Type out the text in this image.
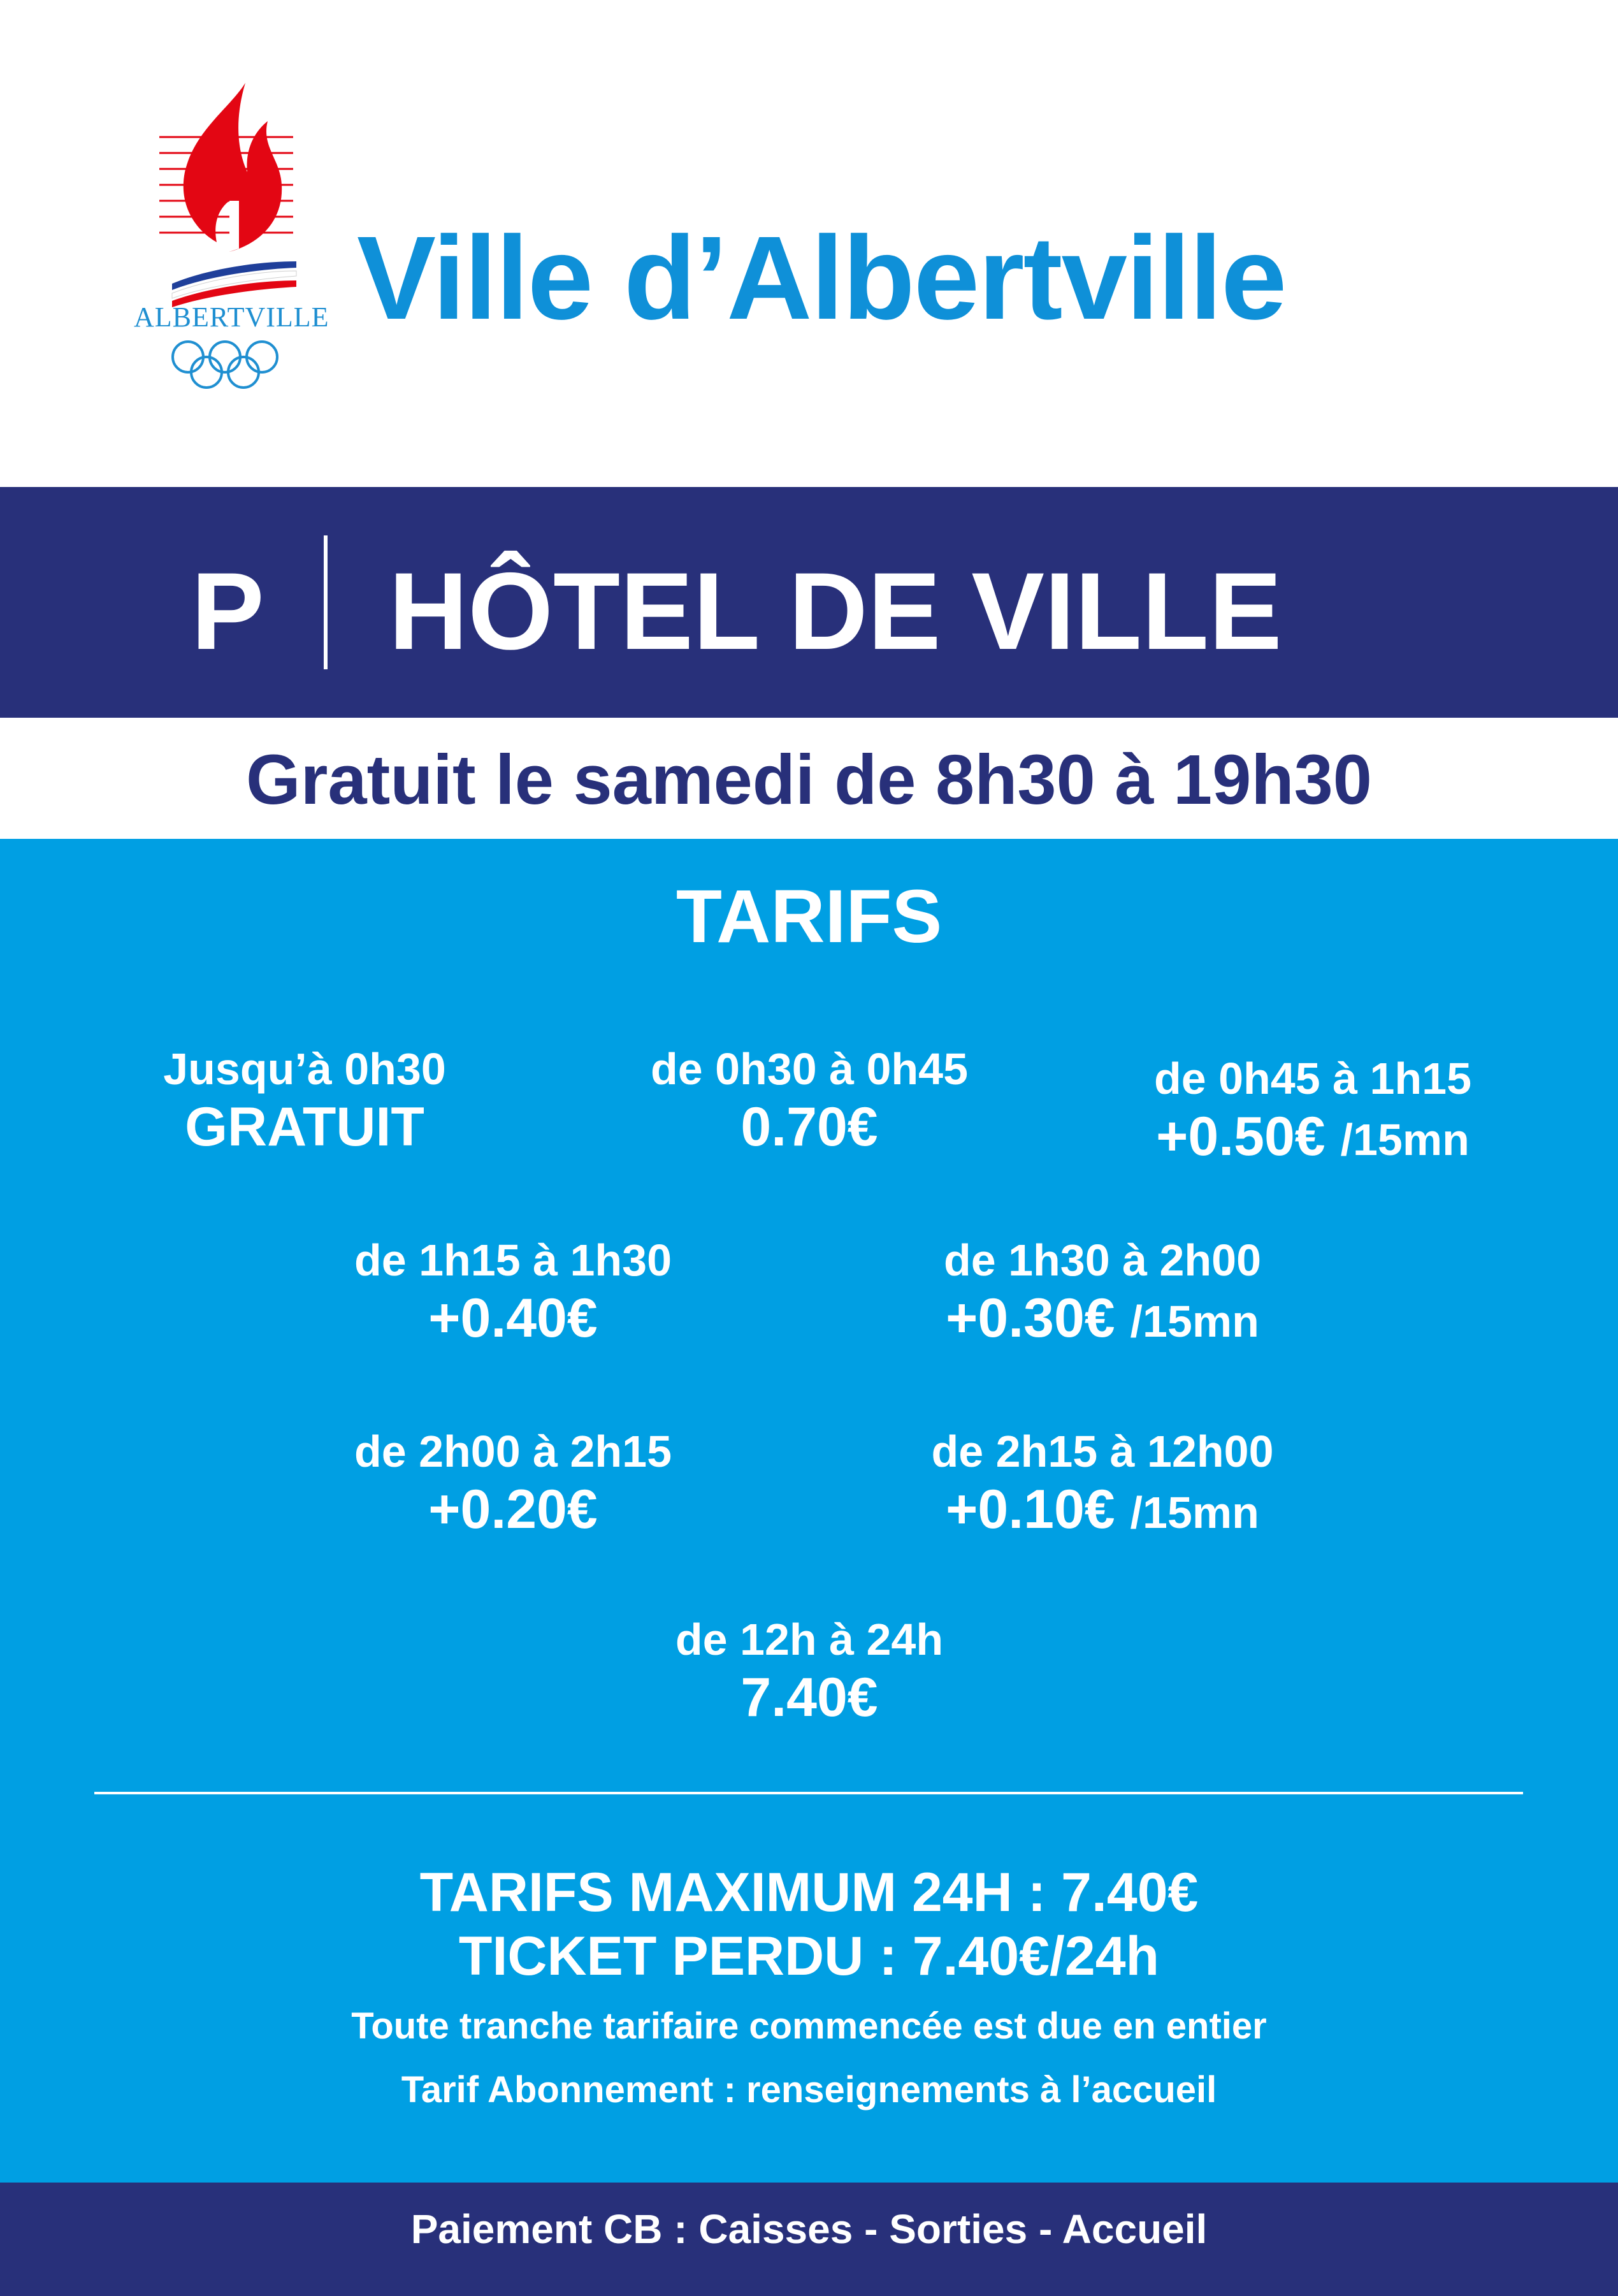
ALBERTVILLE Ville d’Albertville
P HÔTEL DE VILLE
Gratuit le samedi de 8h30 à 19h30
TARIFS
Jusqu’à 0h30
GRATUIT
de 0h30 à 0h45
0.70€
de 0h45 à 1h15
+0.50€ /15mn
de 1h15 à 1h30
+0.40€
de 1h30 à 2h00
+0.30€ /15mn
de 2h00 à 2h15
+0.20€
de 2h15 à 12h00
+0.10€ /15mn
de 12h à 24h
7.40€
TARIFS MAXIMUM 24H : 7.40€
TICKET PERDU : 7.40€/24h
Toute tranche tarifaire commencée est due en entier
Tarif Abonnement : renseignements à l’accueil
Paiement CB : Caisses - Sorties - Accueil
